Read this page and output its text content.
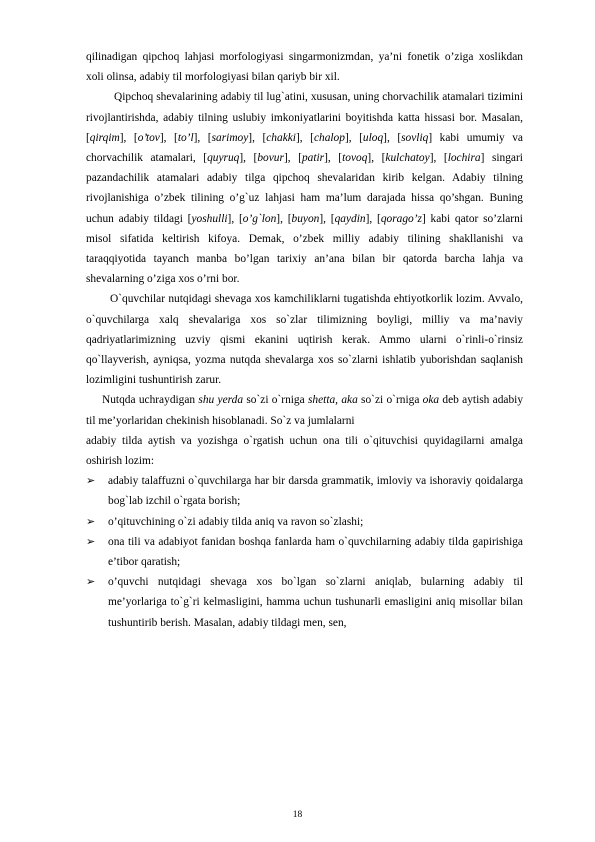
qilinadigan qipchoq lahjasi morfologiyasi singarmonizmdan, ya’ni fonetik o’ziga xoslikdan xoli olinsa, adabiy til morfologiyasi bilan qariyb bir xil.

Qipchoq shevalarining adabiy til lug`atini, xususan, uning chorvachilik atamalari tizimini rivojlantirishda, adabiy tilning uslubiy imkoniyatlarini boyitishda katta hissasi bor. Masalan, [qirqim], [o’tov], [to’l], [sarimoy], [chakki], [chalop], [uloq], [sovliq] kabi umumiy va chorvachilik atamalari, [quyruq], [bovur], [patir], [tovoq], [kulchatoy], [lochira] singari pazandachilik atamalari adabiy tilga qipchoq shevalaridan kirib kelgan. Adabiy tilning rivojlanishiga o’zbek tilining o’g`uz lahjasi ham ma’lum darajada hissa qo’shgan. Buning uchun adabiy tildagi [yoshulli], [o’g`lon], [buyon], [qaydin], [qorago’z] kabi qator so’zlarni misol sifatida keltirish kifoya. Demak, o’zbek milliy adabiy tilining shakllanishi va taraqqiyotida tayanch manba bo’lgan tarixiy an’ana bilan bir qatorda barcha lahja va shevalarning o’ziga xos o’rni bor.

O`quvchilar nutqidagi shevaga xos kamchiliklarni tugatishda ehtiyotkorlik lozim. Avvalo, o`quvchilarga xalq shevalariga xos so`zlar tilimizning boyligi, milliy va ma’naviy qadriyatlarimizning uzviy qismi ekanini uqtirish kerak. Ammo ularni o`rinli-o`rinsiz qo`llayverish, ayniqsa, yozma nutqda shevalarga xos so`zlarni ishlatib yuborishdan saqlanish lozimligini tushuntirish zarur.

Nutqda uchraydigan shu yerda so`zi o`rniga shetta, aka so`zi o`rniga oka deb aytish adabiy til me’yorlaridan chekinish hisoblanadi. So`z va jumlalarni

adabiy tilda aytish va yozishga o`rgatish uchun ona tili o`qituvchisi quyidagilarni amalga oshirish lozim:

➢ adabiy talaffuzni o`quvchilarga har bir darsda grammatik, imloviy va ishoraviy qoidalarga bog`lab izchil o`rgata borish;
➢ o’qituvchining o`zi adabiy tilda aniq va ravon so`zlashi;
➢ ona tili va adabiyot fanidan boshqa fanlarda ham o`quvchilarning adabiy tilda gapirishiga e’tibor qaratish;
➢ o’quvchi nutqidagi shevaga xos bo`lgan so`zlarni aniqlab, bularning adabiy til me’yorlariga to`g`ri kelmasligini, hamma uchun tushunarli emasligini aniq misollar bilan tushuntirib berish. Masalan, adabiy tildagi men, sen,
18
